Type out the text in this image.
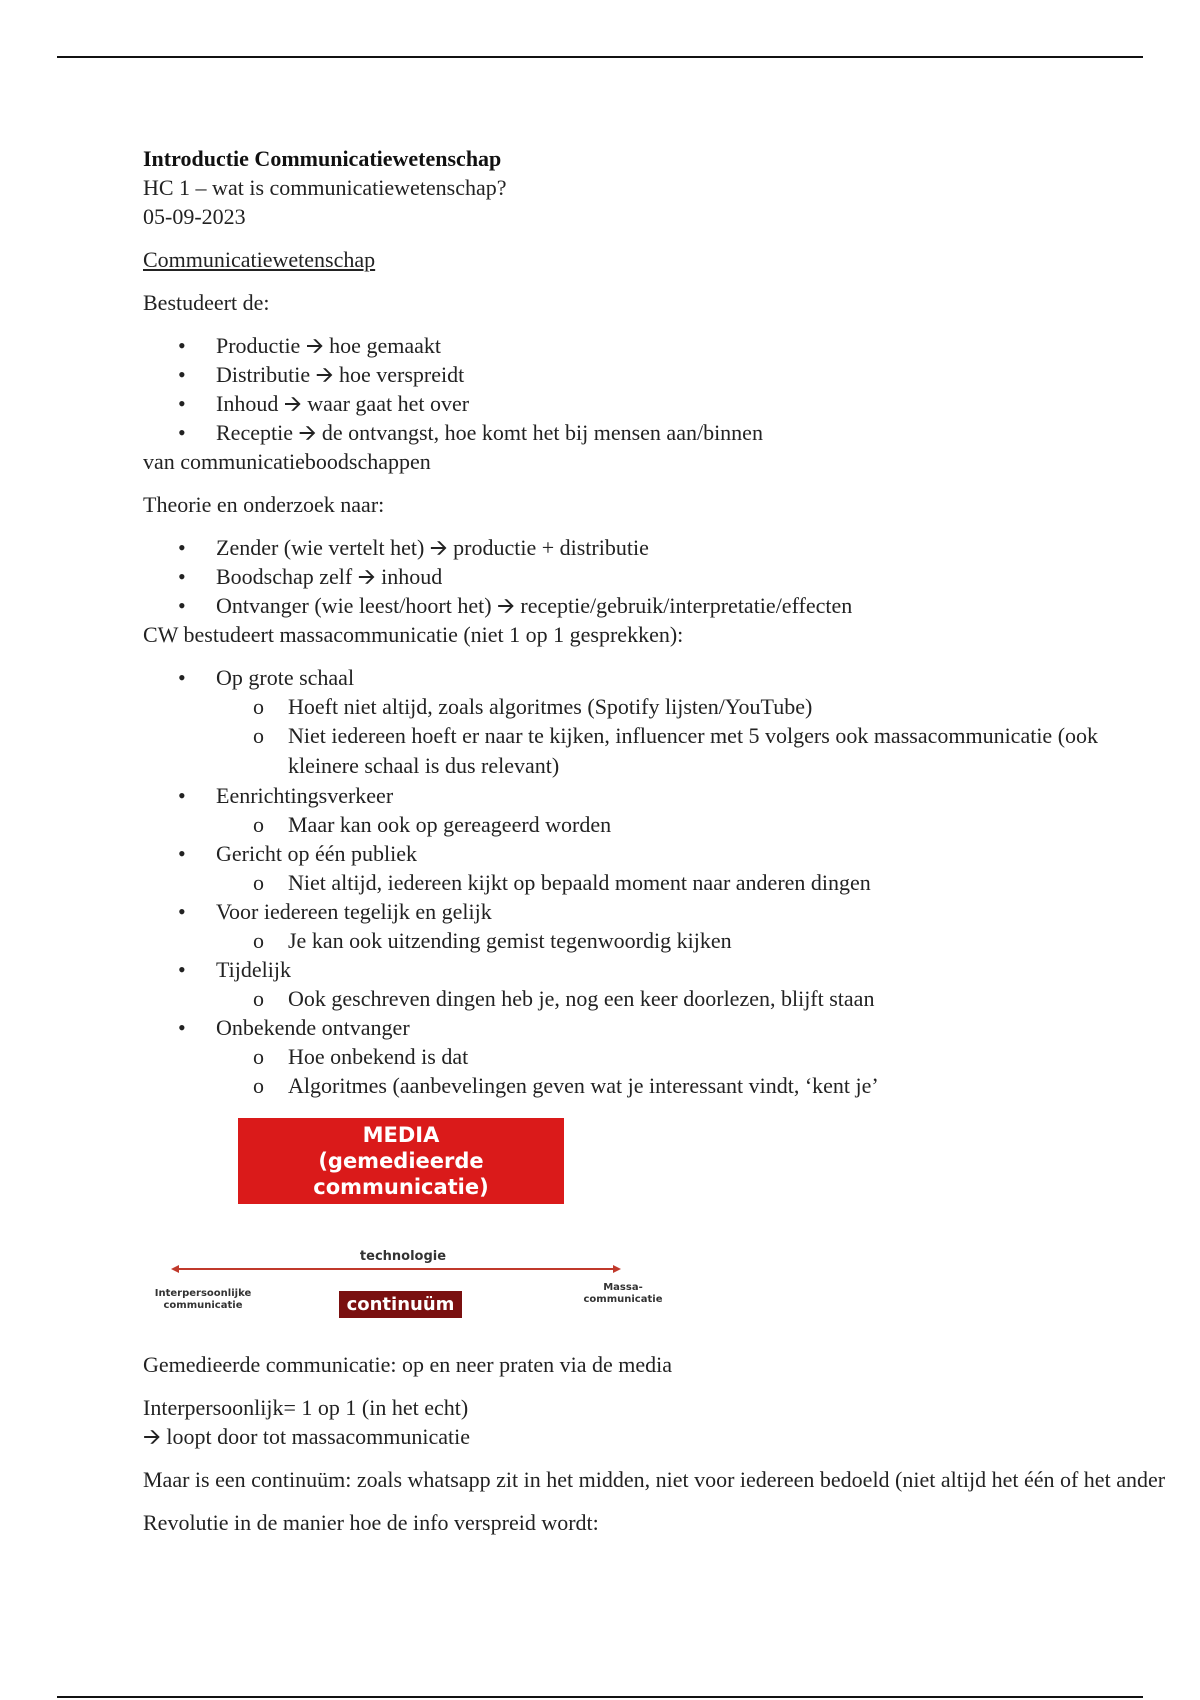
Introductie Communicatiewetenschap
HC 1 – wat is communicatiewetenschap?
05-09-2023
Communicatiewetenschap
Bestudeert de:
• Productie 🡪 hoe gemaakt
• Distributie 🡪 hoe verspreidt
• Inhoud 🡪 waar gaat het over
• Receptie 🡪 de ontvangst, hoe komt het bij mensen aan/binnen
van communicatieboodschappen
Theorie en onderzoek naar:
• Zender (wie vertelt het) 🡪 productie + distributie
• Boodschap zelf 🡪 inhoud
• Ontvanger (wie leest/hoort het) 🡪 receptie/gebruik/interpretatie/effecten
CW bestudeert massacommunicatie (niet 1 op 1 gesprekken):
• Op grote schaal
o Hoeft niet altijd, zoals algoritmes (Spotify lijsten/YouTube)
o Niet iedereen hoeft er naar te kijken, influencer met 5 volgers ook massacommunicatie (ook kleinere schaal is dus relevant)
• Eenrichtingsverkeer
o Maar kan ook op gereageerd worden
• Gericht op één publiek
o Niet altijd, iedereen kijkt op bepaald moment naar anderen dingen
• Voor iedereen tegelijk en gelijk
o Je kan ook uitzending gemist tegenwoordig kijken
• Tijdelijk
o Ook geschreven dingen heb je, nog een keer doorlezen, blijft staan
• Onbekende ontvanger
o Hoe onbekend is dat
o Algoritmes (aanbevelingen geven wat je interessant vindt, ‘kent je’
MEDIA
(gemedieerde
communicatie)
technologie
Interpersoonlijke
communicatie	continuüm
Massa-
communicatie
Gemedieerde communicatie: op en neer praten via de media
Interpersoonlijk= 1 op 1 (in het echt)
🡪 loopt door tot massacommunicatie
Maar is een continuüm: zoals whatsapp zit in het midden, niet voor iedereen bedoeld (niet altijd het één of het ander
Revolutie in de manier hoe de info verspreid wordt:
